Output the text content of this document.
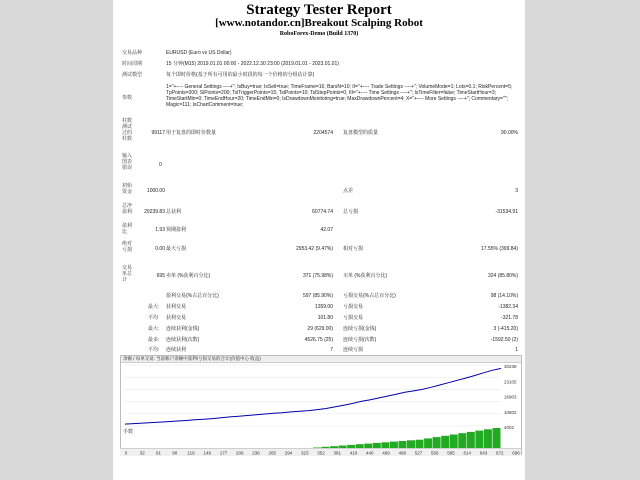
Strategy Tester Report
[www.notandor.cn]Breakout Scalping Robot
RoboForex-Demo (Build 1370)
交易品种	EURUSD (Euro vs US Dollar)
时间周期	15 分钟(M15) 2019.01.01 00:00 - 2022.12.30 23:00 (2019.01.01 - 2023.01.01)
测试模型	每个即时价格(基于所有可用的最小时段的每一个价格的分组估计算)
参数
1="+---- General Settings ----+"; IsBuy=true; IsSell=true; TimeFrame=16; BarsN=10; II="+---- Trade Settings ----+"; VolumeMode=1; Lots=0.1; RiskPercent=5; TpPoints=200; SlPoints=200; TslTriggerPoints=15; TslPoints=10; TslStepPoints=0; III="+---- Time Settings ----+"; IsTimeFilter=false; TimeStartHour=3; TimeStartMin=0; TimeEndHour=20; TimeEndMin=0; IsDrawdownMonitoring=true; MaxDrawdownPercent=4; X="+---- More Settings ----+"; Commentary=""; Magic=111; IsChartComment=true;
柱数 测试过的柱数
99117 用于复盘的即时价数量	2204574 复盘模型的质量	90.00%
输入图表错误	0
初始资金	1000.00	点差	3
总净盈利	29239.83 总获利	60774.74 总亏损	-31534.91
盈利比	1.93 预期盈利	42.07
绝对亏损	0.00 最大亏损	2953.42 (9.47%) 相对亏损	17.55% (399.84)
交易单总计
695 卖单 (%获利百分比)	371 (75.98%) 买单 (%获利百分比)	324 (85.80%)
盈利交易(%占总百分比)	597 (85.90%) 亏损交易(%占总百分比)	98 (14.10%)
最大: 获利交易	1359.00 亏损交易	-1382.34
平均 获利交易	101.80 亏损交易	-321.78
最大: 连续获利(金钱)	29 (629.00) 连续亏损(金钱)	3 (-415.20)
最多: 连续获利(次数)	4526.75 (25) 连续亏损(次数)	-1592.50 (2)
平均: 连续获利	7 连续亏损	1
余额 / 每单交易: 当前帐户余额中获利/亏损交易的合计(价值中心 收益)
30239
23105
16903
10802
4002
手数
0	32 61 90 119 149 177 206 236 265 294 323 352 381 410 440 469 498 527 556 585 614 643 672 696
www.mt4.shop
